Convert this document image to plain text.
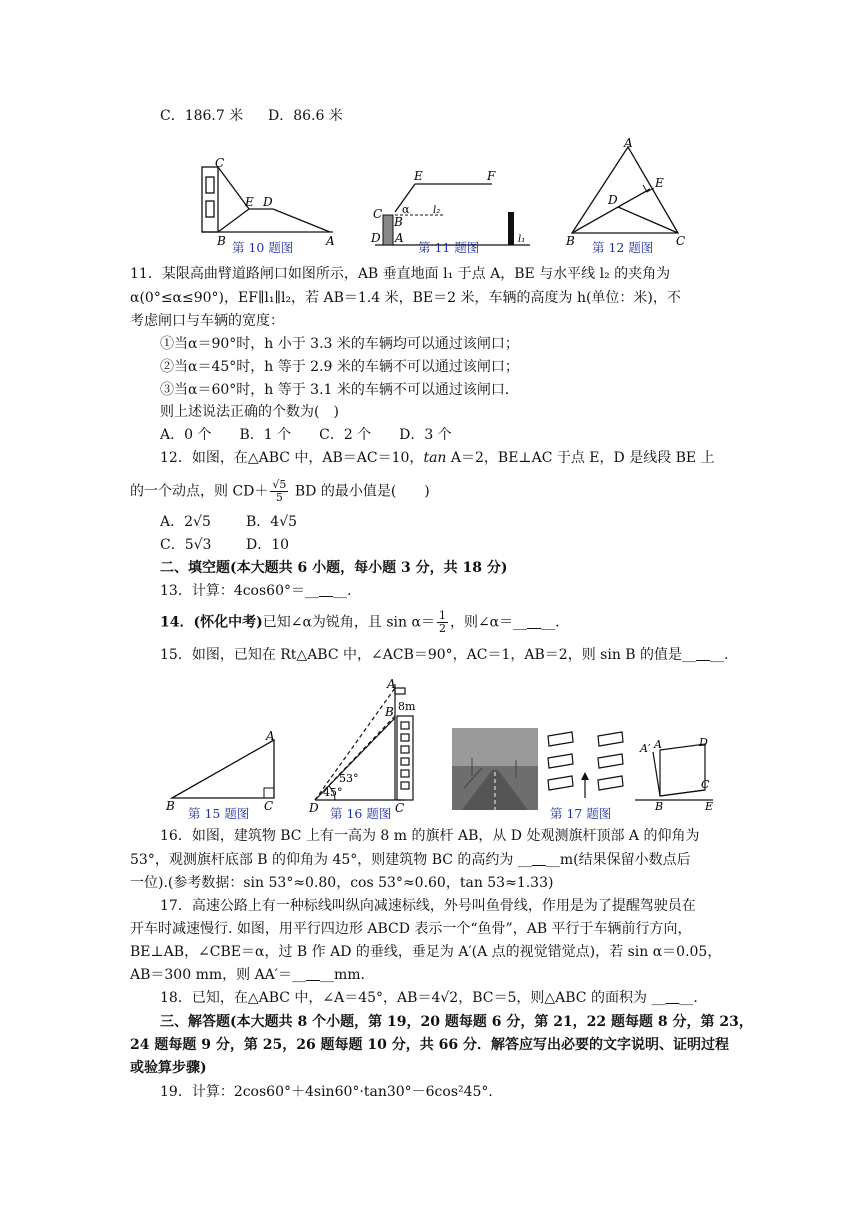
C．186.7 米 D．86.6 米
C
E D
B	A
第 10 题图
E	F
C
B
α l₂
D A	l₁
第 11 题图
A
E
D
B	C
第 12 题图
11．某限高曲臂道路闸口如图所示，AB 垂直地面 l₁ 于点 A，BE 与水平线 l₂ 的夹角为
α(0°≤α≤90°)，EF∥l₁∥l₂，若 AB＝1.4 米，BE＝2 米，车辆的高度为 h(单位：米)，不
考虑闸口与车辆的宽度：
①当α＝90°时，h 小于 3.3 米的车辆均可以通过该闸口；
②当α＝45°时，h 等于 2.9 米的车辆不可以通过该闸口；
③当α＝60°时，h 等于 3.1 米的车辆不可以通过该闸口．
则上述说法正确的个数为(　)
A．0 个　　B．1 个　　C．2 个　　D．3 个
12．如图，在△ABC 中，AB＝AC＝10，tan A＝2，BE⊥AC 于点 E，D 是线段 BE 上
的一个动点，则 $CD+ \frac{√5}{5}$ BD 的最小值是(　　)
A．2√5	B．4√5
C．5√3 D．10
二、填空题(本大题共 6 小题，每小题 3 分，共 18 分)
13．计算：4cos60°＝__　 __.
14．(怀化中考)已知∠α为锐角，且 $\sin \alpha= \frac{1}{2}$ ，则∠α＝__　 __．
15．如图，已知在 Rt△ABC 中，∠ACB＝90°，AC＝1，AB＝2，则 sin B 的值是__　 __.
A
B	C
第 15 题图
A
8m
B
53°
45°
D	C
第 16 题图
A′ A	D
C
B	E
第 17 题图
16．如图，建筑物 BC 上有一高为 8 m 的旗杆 AB，从 D 处观测旗杆顶部 A 的仰角为
53°，观测旗杆底部 B 的仰角为 45°，则建筑物 BC 的高约为 __　 __m(结果保留小数点后
一位).(参考数据：sin 53°≈0.80，cos 53°≈0.60，tan 53≈1.33)
17．高速公路上有一种标线叫纵向减速标线，外号叫鱼骨线，作用是为了提醒驾驶员在
开车时减速慢行. 如图，用平行四边形 ABCD 表示一个“鱼骨”，AB 平行于车辆前行方向，
BE⊥AB，∠CBE＝α，过 B 作 AD 的垂线，垂足为 A′(A 点的视觉错觉点)，若 sin α＝0.05，
AB＝300 mm，则 AA′＝__　 __mm.
18．已知，在△ABC 中，∠A＝45°，AB＝4√2，BC＝5，则△ABC 的面积为 __　 __.
三、解答题(本大题共 8 个小题，第 19，20 题每题 6 分，第 21，22 题每题 8 分，第 23，
24 题每题 9 分，第 25，26 题每题 10 分，共 66 分．解答应写出必要的文字说明、证明过程
或验算步骤)
19．计算：2cos60°＋4sin60°·tan30°－6cos²45°．
